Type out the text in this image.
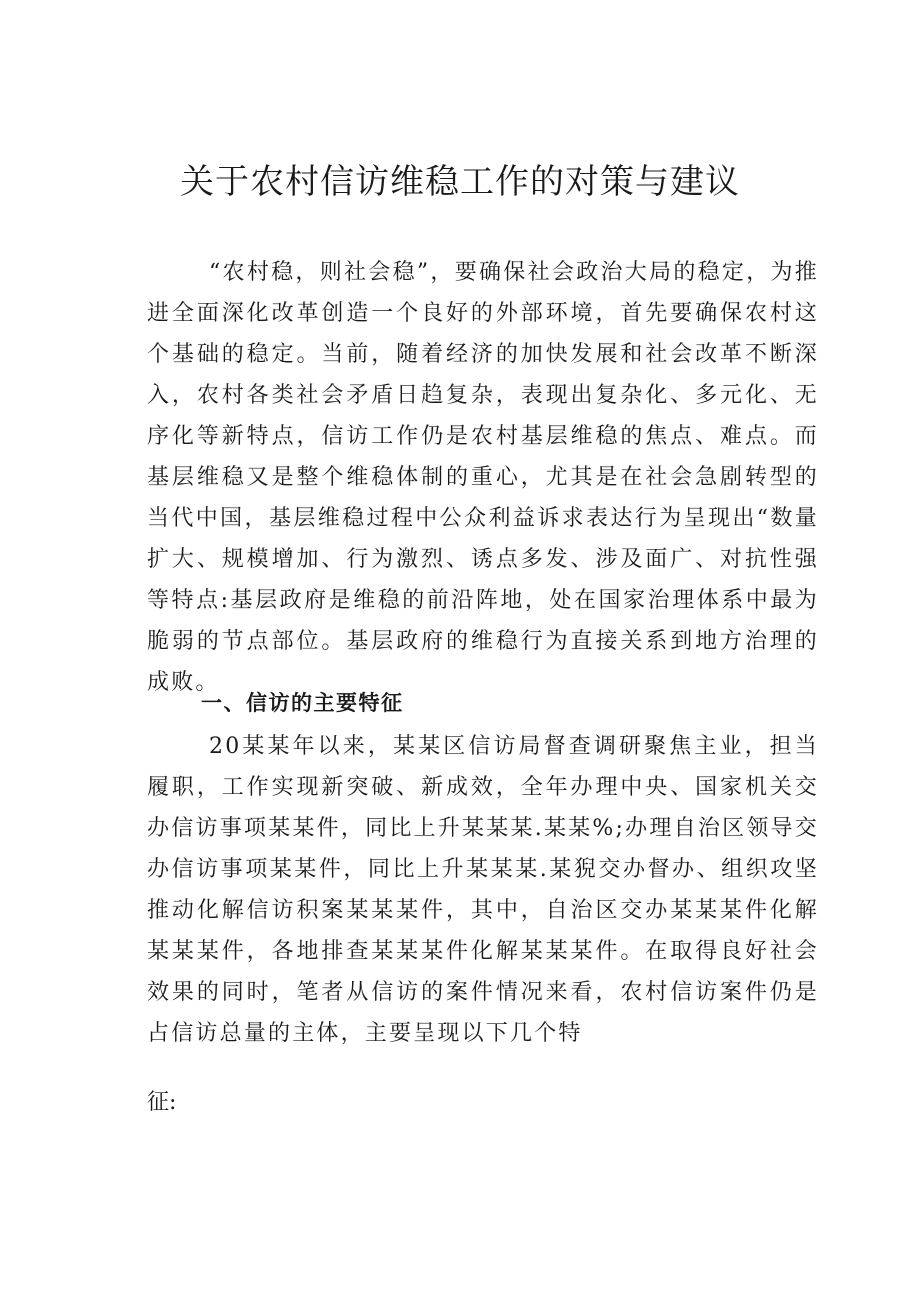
关于农村信访维稳工作的对策与建议

“农村稳，则社会稳”，要确保社会政治大局的稳定，为推进全面深化改革创造一个良好的外部环境，首先要确保农村这个基础的稳定。当前，随着经济的加快发展和社会改革不断深入，农村各类社会矛盾日趋复杂，表现出复杂化、多元化、无序化等新特点，信访工作仍是农村基层维稳的焦点、难点。而基层维稳又是整个维稳体制的重心，尤其是在社会急剧转型的当代中国，基层维稳过程中公众利益诉求表达行为呈现出“数量扩大、规模增加、行为激烈、诱点多发、涉及面广、对抗性强等特点:基层政府是维稳的前沿阵地，处在国家治理体系中最为脆弱的节点部位。基层政府的维稳行为直接关系到地方治理的成败。

一、信访的主要特征

20某某年以来，某某区信访局督查调研聚焦主业，担当履职，工作实现新突破、新成效，全年办理中央、国家机关交办信访事项某某件，同比上升某某某.某某%;办理自治区领导交办信访事项某某件，同比上升某某某.某猊交办督办、组织攻坚推动化解信访积案某某某件，其中，自治区交办某某某件化解某某某件，各地排查某某某件化解某某某件。在取得良好社会效果的同时，笔者从信访的案件情况来看，农村信访案件仍是占信访总量的主体，主要呈现以下几个特

征:
